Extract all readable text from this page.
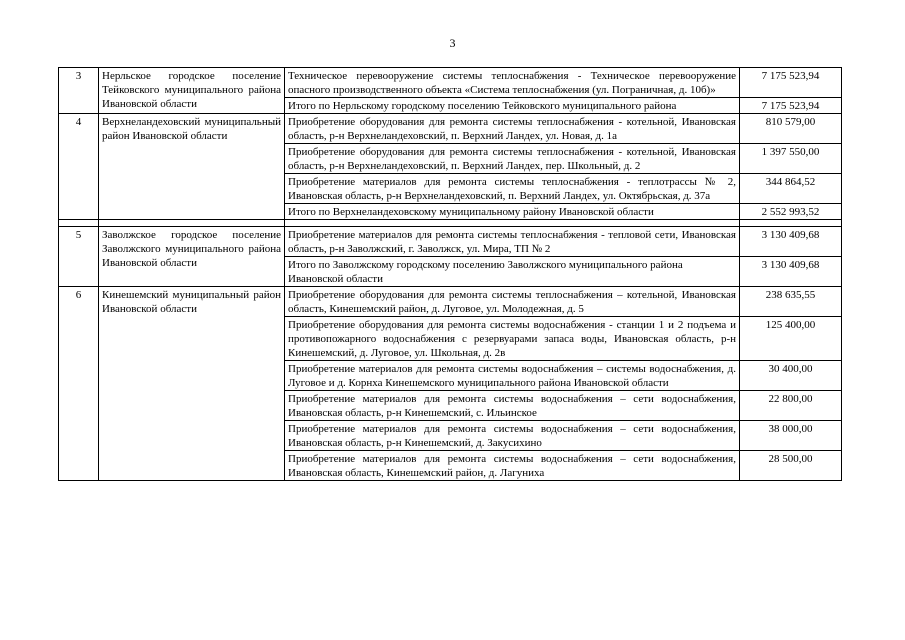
3
3	Нерльское городское поселение Тейковского муниципального района Ивановской области	Техническое перевооружение системы теплоснабжения - Техническое перевооружение опасного производственного объекта «Система теплоснабжения (ул. Пограничная, д. 10б)»	7 175 523,94
		Итого по Нерльскому городскому поселению Тейковского муниципального района	7 175 523,94
4	Верхнеландеховский муниципальный район Ивановской области	Приобретение оборудования для ремонта системы теплоснабжения - котельной, Ивановская область, р-н Верхнеландеховский, п. Верхний Ландех, ул. Новая, д. 1а	810 579,00
		Приобретение оборудования для ремонта системы теплоснабжения - котельной, Ивановская область, р-н Верхнеландеховский, п. Верхний Ландех, пер. Школьный, д. 2	1 397 550,00
		Приобретение материалов для ремонта системы теплоснабжения - теплотрассы № 2, Ивановская область, р-н Верхнеландеховский, п. Верхний Ландех, ул. Октябрьская, д. 37а	344 864,52
		Итого по Верхнеландеховскому муниципальному району Ивановской области	2 552 993,52

5	Заволжское городское поселение Заволжского муниципального района Ивановской области	Приобретение материалов для ремонта системы теплоснабжения - тепловой сети, Ивановская область, р-н Заволжский, г. Заволжск, ул. Мира, ТП № 2	3 130 409,68
		Итого по Заволжскому городскому поселению Заволжского муниципального района Ивановской области	3 130 409,68
6	Кинешемский муниципальный район Ивановской области	Приобретение оборудования для ремонта системы теплоснабжения – котельной, Ивановская область, Кинешемский район, д. Луговое, ул. Молодежная, д. 5	238 635,55
		Приобретение оборудования для ремонта системы водоснабжения - станции 1 и 2 подъема и противопожарного водоснабжения с резервуарами запаса воды, Ивановская область, р-н Кинешемский, д. Луговое, ул. Школьная, д. 2в	125 400,00
		Приобретение материалов для ремонта системы водоснабжения – системы водоснабжения, д. Луговое и д. Корнха Кинешемского муниципального района Ивановской области	30 400,00
		Приобретение материалов для ремонта системы водоснабжения – сети водоснабжения, Ивановская область, р-н Кинешемский, с. Ильинское	22 800,00
		Приобретение материалов для ремонта системы водоснабжения – сети водоснабжения, Ивановская область, р-н Кинешемский, д. Закусихино	38 000,00
		Приобретение материалов для ремонта системы водоснабжения – сети водоснабжения, Ивановская область, Кинешемский район, д. Лагуниха	28 500,00
